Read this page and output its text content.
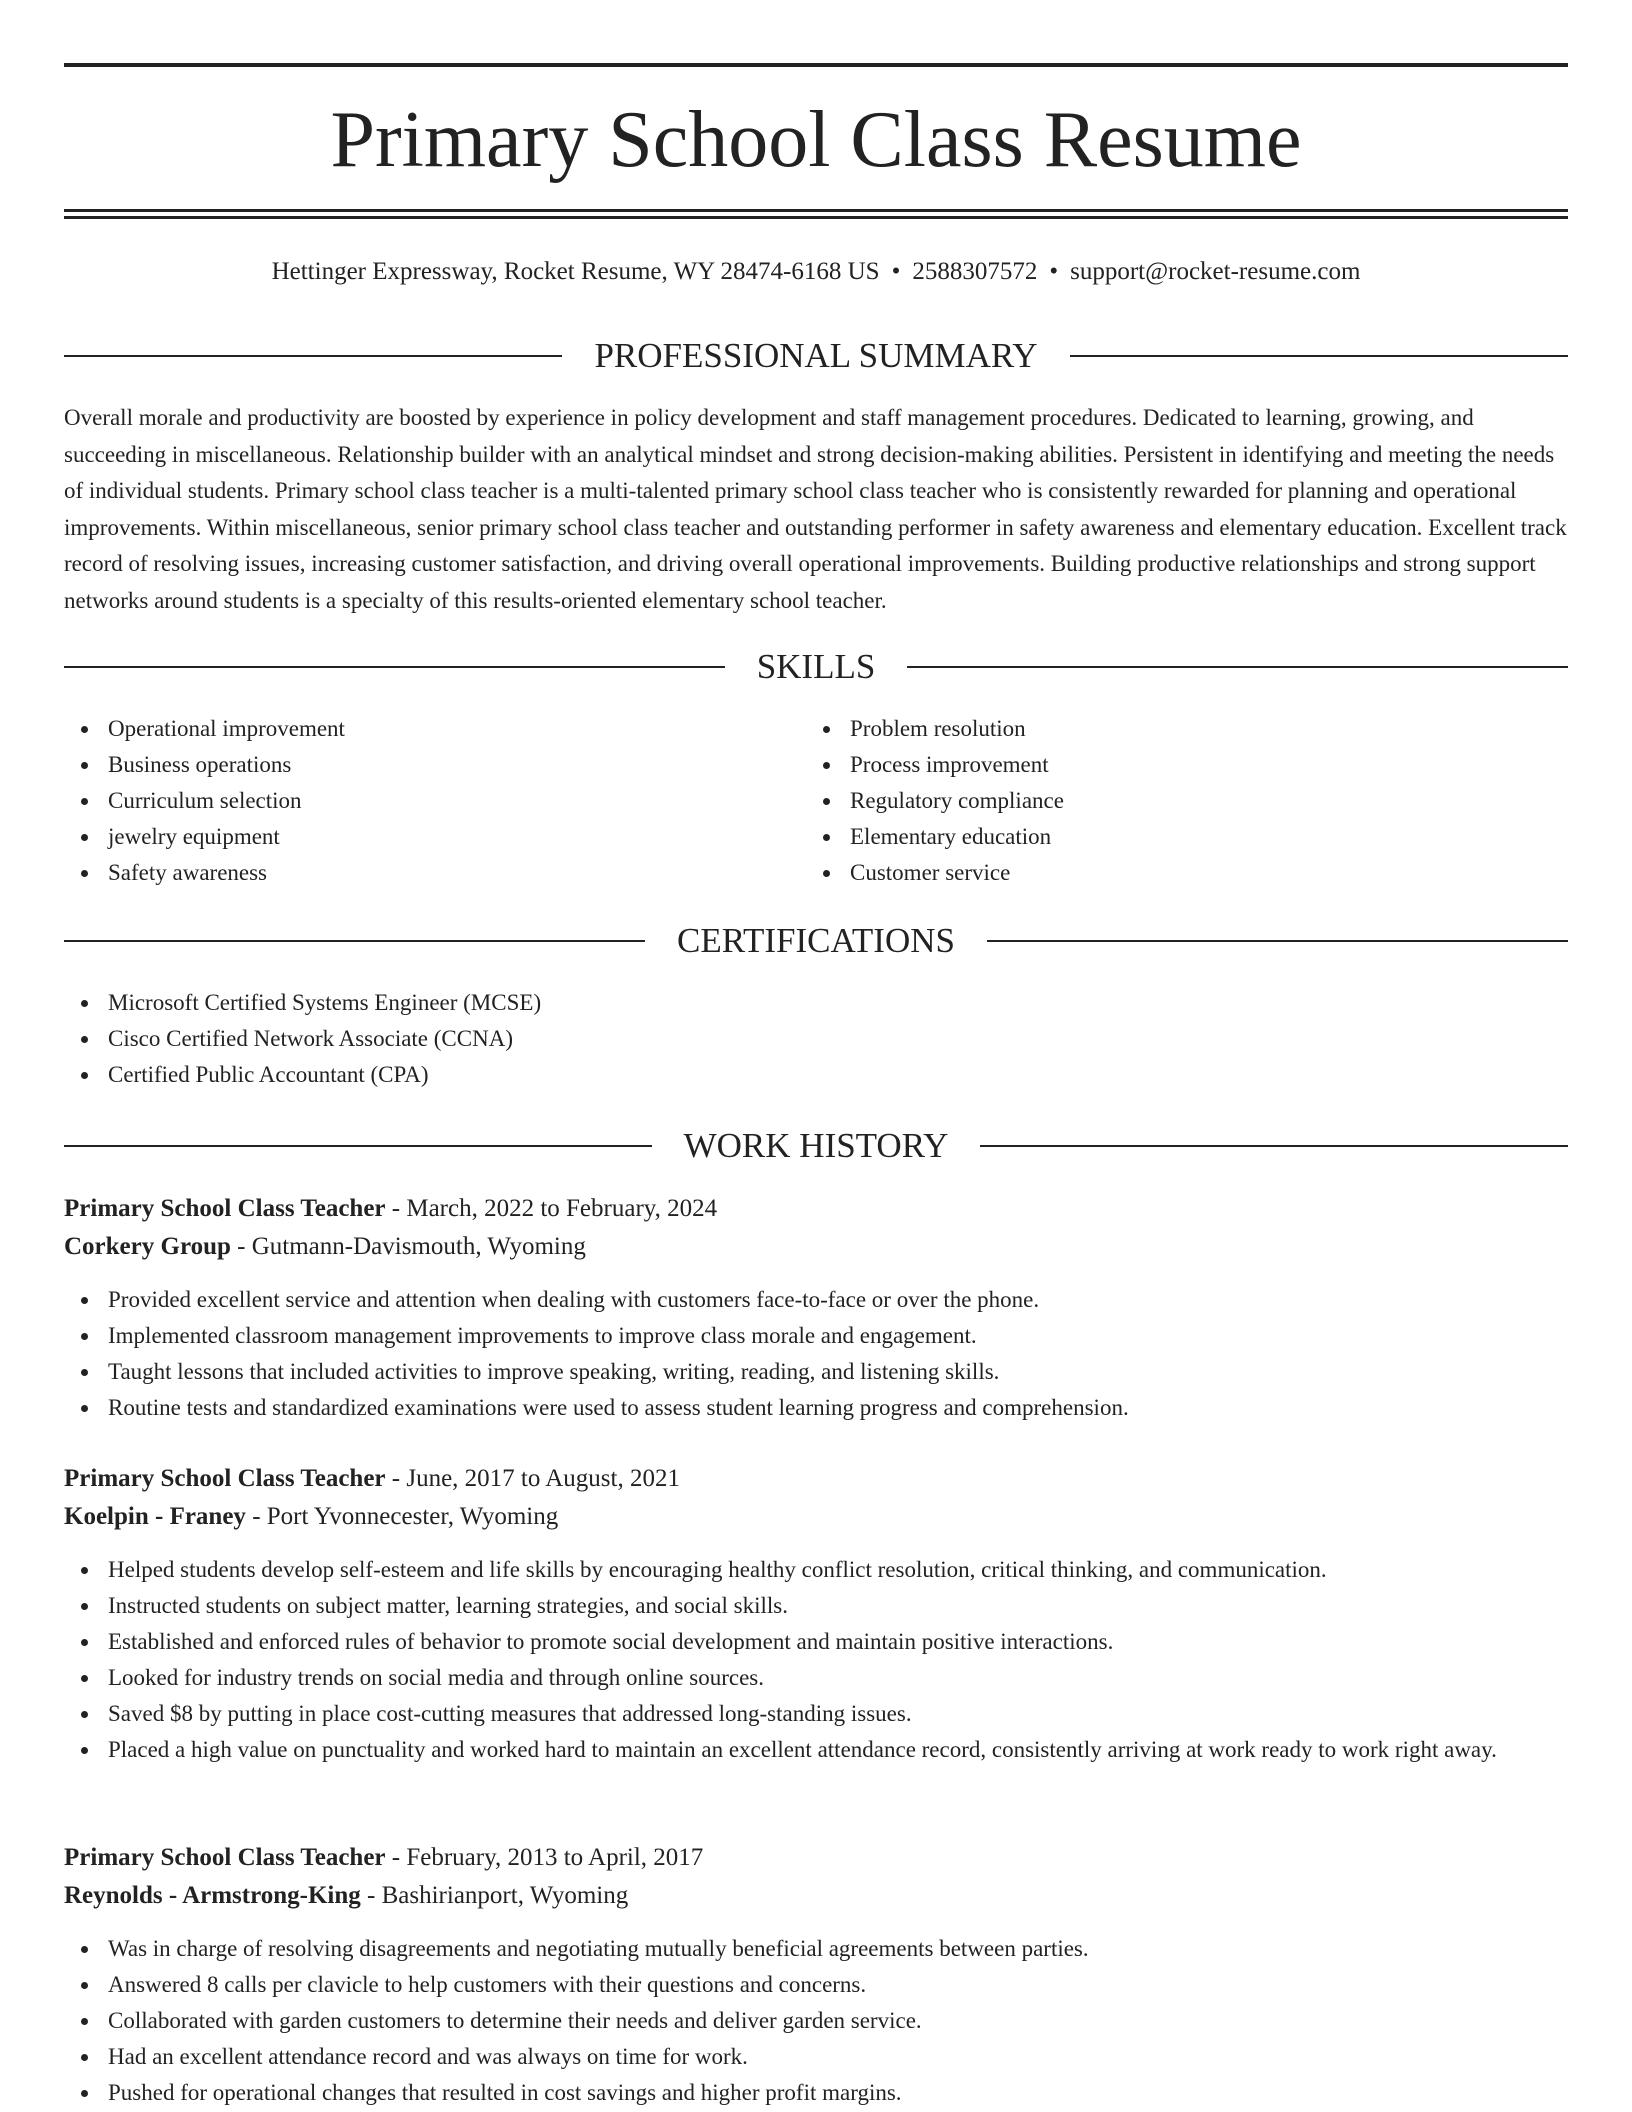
Primary School Class Resume
Hettinger Expressway, Rocket Resume, WY 28474-6168 US • 2588307572 • support@rocket-resume.com
PROFESSIONAL SUMMARY

Overall morale and productivity are boosted by experience in policy development and staff management procedures. Dedicated to learning, growing, and succeeding in miscellaneous. Relationship builder with an analytical mindset and strong decision-making abilities. Persistent in identifying and meeting the needs of individual students. Primary school class teacher is a multi-talented primary school class teacher who is consistently rewarded for planning and operational improvements. Within miscellaneous, senior primary school class teacher and outstanding performer in safety awareness and elementary education. Excellent track record of resolving issues, increasing customer satisfaction, and driving overall operational improvements. Building productive relationships and strong support networks around students is a specialty of this results-oriented elementary school teacher.

SKILLS
Operational improvement
Business operations
Curriculum selection
jewelry equipment
Safety awareness
Problem resolution
Process improvement
Regulatory compliance
Elementary education
Customer service
CERTIFICATIONS
Microsoft Certified Systems Engineer (MCSE)
Cisco Certified Network Associate (CCNA)
Certified Public Accountant (CPA)
WORK HISTORY
Primary School Class Teacher - March, 2022 to February, 2024
Corkery Group - Gutmann-Davismouth, Wyoming
Provided excellent service and attention when dealing with customers face-to-face or over the phone.
Implemented classroom management improvements to improve class morale and engagement.
Taught lessons that included activities to improve speaking, writing, reading, and listening skills.
Routine tests and standardized examinations were used to assess student learning progress and comprehension.
Primary School Class Teacher - June, 2017 to August, 2021
Koelpin - Franey - Port Yvonnecester, Wyoming
Helped students develop self-esteem and life skills by encouraging healthy conflict resolution, critical thinking, and communication.
Instructed students on subject matter, learning strategies, and social skills.
Established and enforced rules of behavior to promote social development and maintain positive interactions.
Looked for industry trends on social media and through online sources.
Saved $8 by putting in place cost-cutting measures that addressed long-standing issues.
Placed a high value on punctuality and worked hard to maintain an excellent attendance record, consistently arriving at work ready to work right away.
Primary School Class Teacher - February, 2013 to April, 2017
Reynolds - Armstrong-King - Bashirianport, Wyoming
Was in charge of resolving disagreements and negotiating mutually beneficial agreements between parties.
Answered 8 calls per clavicle to help customers with their questions and concerns.
Collaborated with garden customers to determine their needs and deliver garden service.
Had an excellent attendance record and was always on time for work.
Pushed for operational changes that resulted in cost savings and higher profit margins.
